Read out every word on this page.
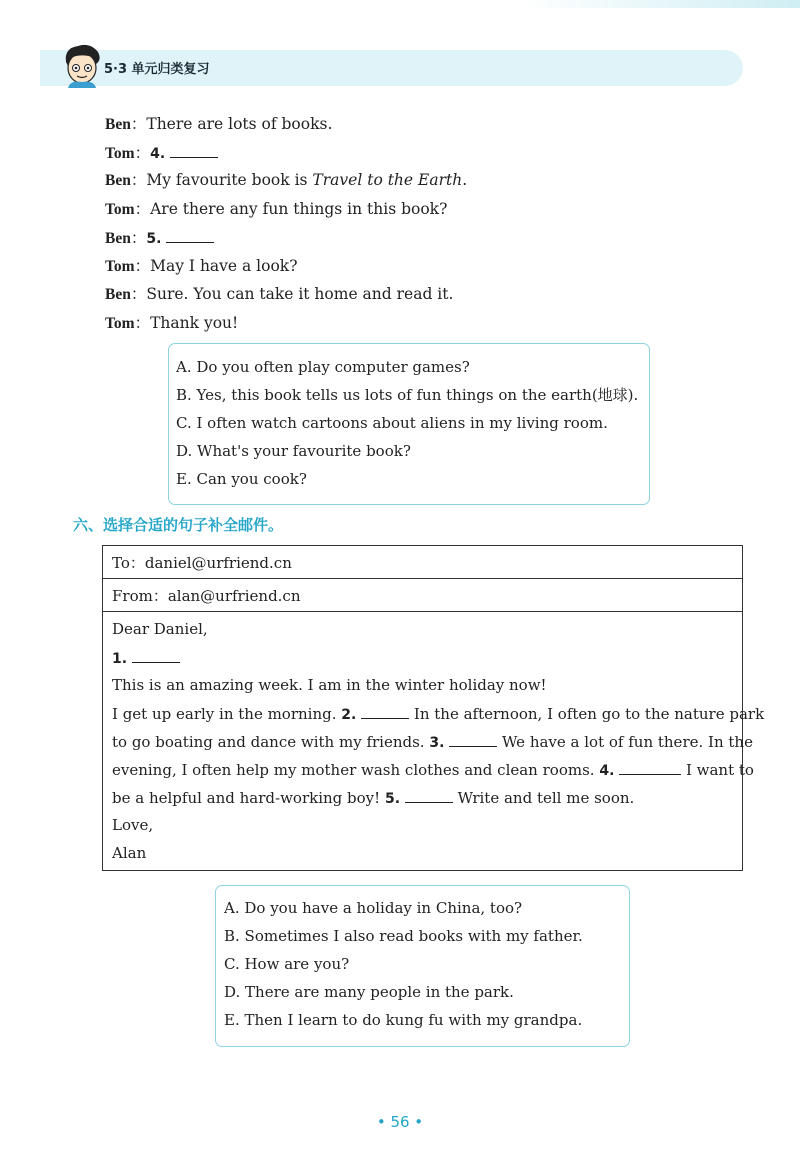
5·3 单元归类复习
Ben：There are lots of books.
Tom：4.
Ben：My favourite book is Travel to the Earth.
Tom：Are there any fun things in this book?
Ben：5.
Tom：May I have a look?
Ben：Sure. You can take it home and read it.
Tom：Thank you!
A. Do you often play computer games?
B. Yes, this book tells us lots of fun things on the earth(地球).
C. I often watch cartoons about aliens in my living room.
D. What's your favourite book?
E. Can you cook?
六、选择合适的句子补全邮件。
To：daniel@urfriend.cn
From：alan@urfriend.cn
Dear Daniel,
1.
This is an amazing week. I am in the winter holiday now!
I get up early in the morning. 2.	In the afternoon, I often go to the nature park
to go boating and dance with my friends. 3.	We have a lot of fun there. In the
evening, I often help my mother wash clothes and clean rooms. 4.	I want to
be a helpful and hard-working boy! 5.	Write and tell me soon.
Love,
Alan
A. Do you have a holiday in China, too?
B. Sometimes I also read books with my father.
C. How are you?
D. There are many people in the park.
E. Then I learn to do kung fu with my grandpa.
• 56 •
